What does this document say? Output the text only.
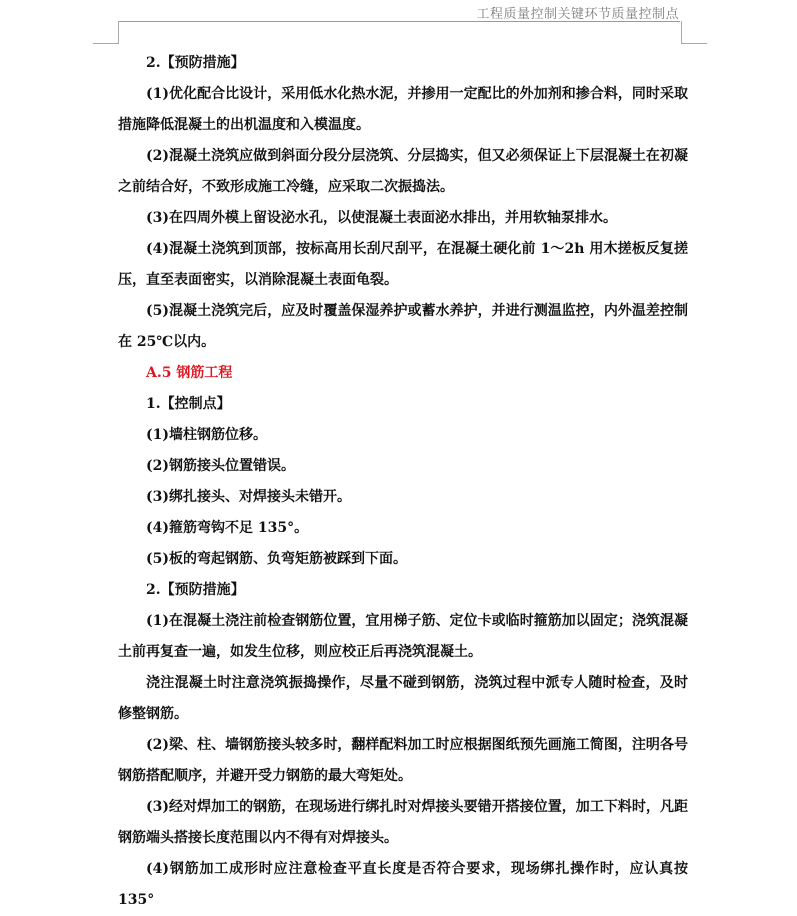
工程质量控制关键环节质量控制点

2.【预防措施】

(1)优化配合比设计，采用低水化热水泥，并掺用一定配比的外加剂和掺合料，同时采取措施降低混凝土的出机温度和入模温度。

(2)混凝土浇筑应做到斜面分段分层浇筑、分层捣实，但又必须保证上下层混凝土在初凝之前结合好，不致形成施工冷缝，应采取二次振捣法。

(3)在四周外模上留设泌水孔，以使混凝土表面泌水排出，并用软轴泵排水。

(4)混凝土浇筑到顶部，按标高用长刮尺刮平，在混凝土硬化前 1～2h 用木搓板反复搓压，直至表面密实，以消除混凝土表面龟裂。

(5)混凝土浇筑完后，应及时覆盖保湿养护或蓄水养护，并进行测温监控，内外温差控制在 25℃以内。

A.5 钢筋工程

1.【控制点】

(1)墙柱钢筋位移。

(2)钢筋接头位置错误。

(3)绑扎接头、对焊接头未错开。

(4)箍筋弯钩不足 135°。

(5)板的弯起钢筋、负弯矩筋被踩到下面。

2.【预防措施】

(1)在混凝土浇注前检查钢筋位置，宜用梯子筋、定位卡或临时箍筋加以固定；浇筑混凝土前再复查一遍，如发生位移，则应校正后再浇筑混凝土。

浇注混凝土时注意浇筑振捣操作，尽量不碰到钢筋，浇筑过程中派专人随时检查，及时修整钢筋。

(2)梁、柱、墙钢筋接头较多时，翻样配料加工时应根据图纸预先画施工简图，注明各号钢筋搭配顺序，并避开受力钢筋的最大弯矩处。

(3)经对焊加工的钢筋，在现场进行绑扎时对焊接头要错开搭接位置，加工下料时，凡距钢筋端头搭接长度范围以内不得有对焊接头。

(4)钢筋加工成形时应注意检查平直长度是否符合要求，现场绑扎操作时，应认真按 135°
